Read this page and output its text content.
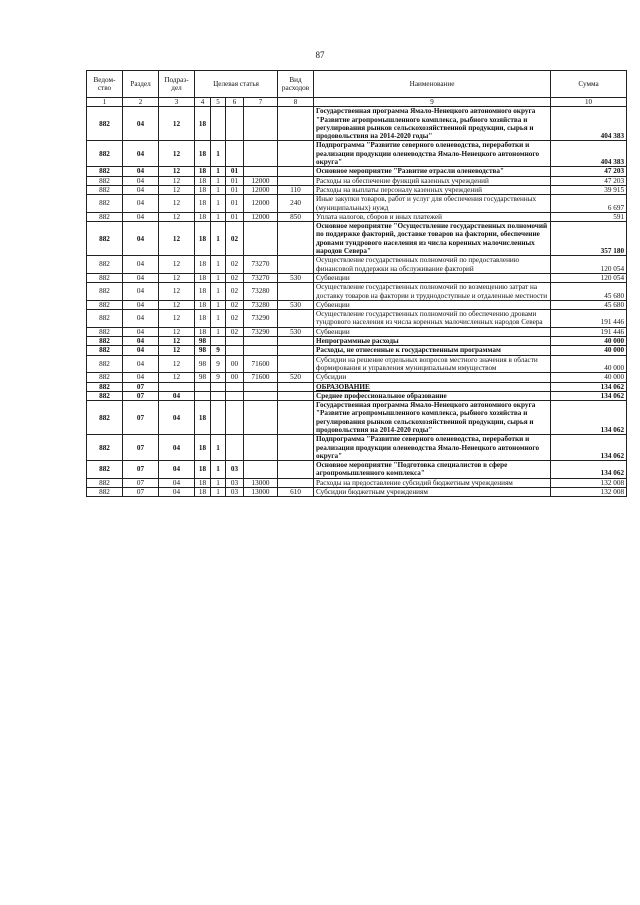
87
Ведом-ство	Раздел	Подраз-дел	Целевая статья				Вид расходов	Наименование	Сумма
1	2	3	4	5	6	7	8	9	10
882	04	12	18					Государственная программа Ямало-Ненецкого автономного округа "Развитие агропромышленного комплекса, рыбного хозяйства и регулирования рынков сельскохозяйственной продукции, сырья и продовольствия на 2014-2020 годы"	404 383
882	04	12	18	1				Подпрограмма "Развитие северного оленеводства, переработки и реализации продукции оленеводства Ямало-Ненецкого автономного округа"	404 383
882	04	12	18	1	01			Основное мероприятие "Развитие отрасли оленеводства"	47 203
882	04	12	18	1	01	12000		Расходы на обеспечение функций казенных учреждений	47 203
882	04	12	18	1	01	12000	110	Расходы на выплаты персоналу казенных учреждений	39 915
882	04	12	18	1	01	12000	240	Иные закупки товаров, работ и услуг для обеспечения государственных (муниципальных) нужд	6 697
882	04	12	18	1	01	12000	850	Уплата налогов, сборов и иных платежей	591
882	04	12	18	1	02			Основное мероприятие "Осуществление государственных полномочий по поддержке факторий, доставке товаров на фактории, обеспечение дровами тундрового населения из числа коренных малочисленных народов Севера"	357 180
882	04	12	18	1	02	73270		Осуществление государственных полномочий по предоставлению финансовой поддержки на обслуживание факторий	120 054
882	04	12	18	1	02	73270	530	Субвенции	120 054
882	04	12	18	1	02	73280		Осуществление государственных полномочий по возмещению затрат на доставку товаров на фактории и труднодоступные и отдаленные местности	45 680
882	04	12	18	1	02	73280	530	Субвенции	45 680
882	04	12	18	1	02	73290		Осуществление государственных полномочий по обеспечению дровами тундрового населения из числа коренных малочисленных народов Севера	191 446
882	04	12	18	1	02	73290	530	Субвенции	191 446
882	04	12	98					Непрограммные расходы	40 000
882	04	12	98	9				Расходы, не отнесенные к государственным программам	40 000
882	04	12	98	9	00	71600		Субсидии на решение отдельных вопросов местного значения в области формирования и управления муниципальным имуществом	40 000
882	04	12	98	9	00	71600	520	Субсидии	40 000
882	07							ОБРАЗОВАНИЕ	134 062
882	07	04						Среднее профессиональное образование	134 062
882	07	04	18					Государственная программа Ямало-Ненецкого автономного округа "Развитие агропромышленного комплекса, рыбного хозяйства и регулирования рынков сельскохозяйственной продукции, сырья и продовольствия на 2014-2020 годы"	134 062
882	07	04	18	1				Подпрограмма "Развитие северного оленеводства, переработки и реализации продукции оленеводства Ямало-Ненецкого автономного округа"	134 062
882	07	04	18	1	03			Основное мероприятие "Подготовка специалистов в сфере агропромышленного комплекса"	134 062
882	07	04	18	1	03	13000		Расходы на предоставление субсидий бюджетным учреждениям	132 008
882	07	04	18	1	03	13000	610	Субсидии бюджетным учреждениям	132 008
